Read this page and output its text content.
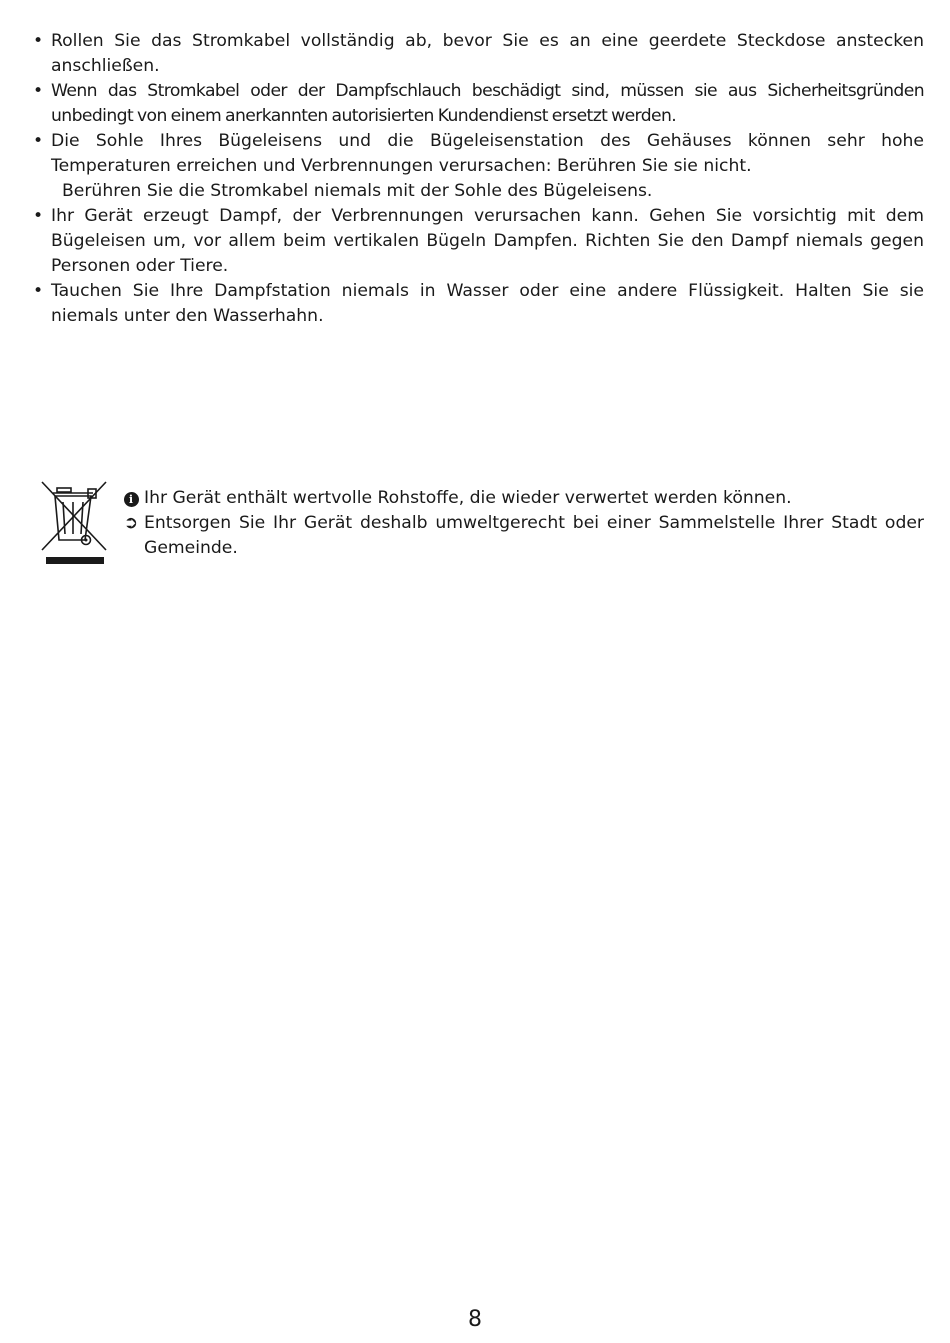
• Rollen Sie das Stromkabel vollständig ab, bevor Sie es an eine geerdete Steckdose anstecken anschließen.
• Wenn das Stromkabel oder der Dampfschlauch beschädigt sind, müssen sie aus Sicherheitsgründen unbedingt von einem anerkannten autorisierten Kundendienst ersetzt werden.
• Die Sohle Ihres Bügeleisens und die Bügeleisenstation des Gehäuses können sehr hohe Temperaturen erreichen und Verbrennungen verursachen: Berühren Sie sie nicht.
Berühren Sie die Stromkabel niemals mit der Sohle des Bügeleisens.
• Ihr Gerät erzeugt Dampf, der Verbrennungen verursachen kann. Gehen Sie vorsichtig mit dem Bügeleisen um, vor allem beim vertikalen Bügeln Dampfen. Richten Sie den Dampf niemals gegen Personen oder Tiere.
• Tauchen Sie Ihre Dampfstation niemals in Wasser oder eine andere Flüssigkeit. Halten Sie sie niemals unter den Wasserhahn.
i Ihr Gerät enthält wertvolle Rohstoffe, die wieder verwertet werden können.
➲ Entsorgen Sie Ihr Gerät deshalb umweltgerecht bei einer Sammelstelle Ihrer Stadt oder Gemeinde.
8
